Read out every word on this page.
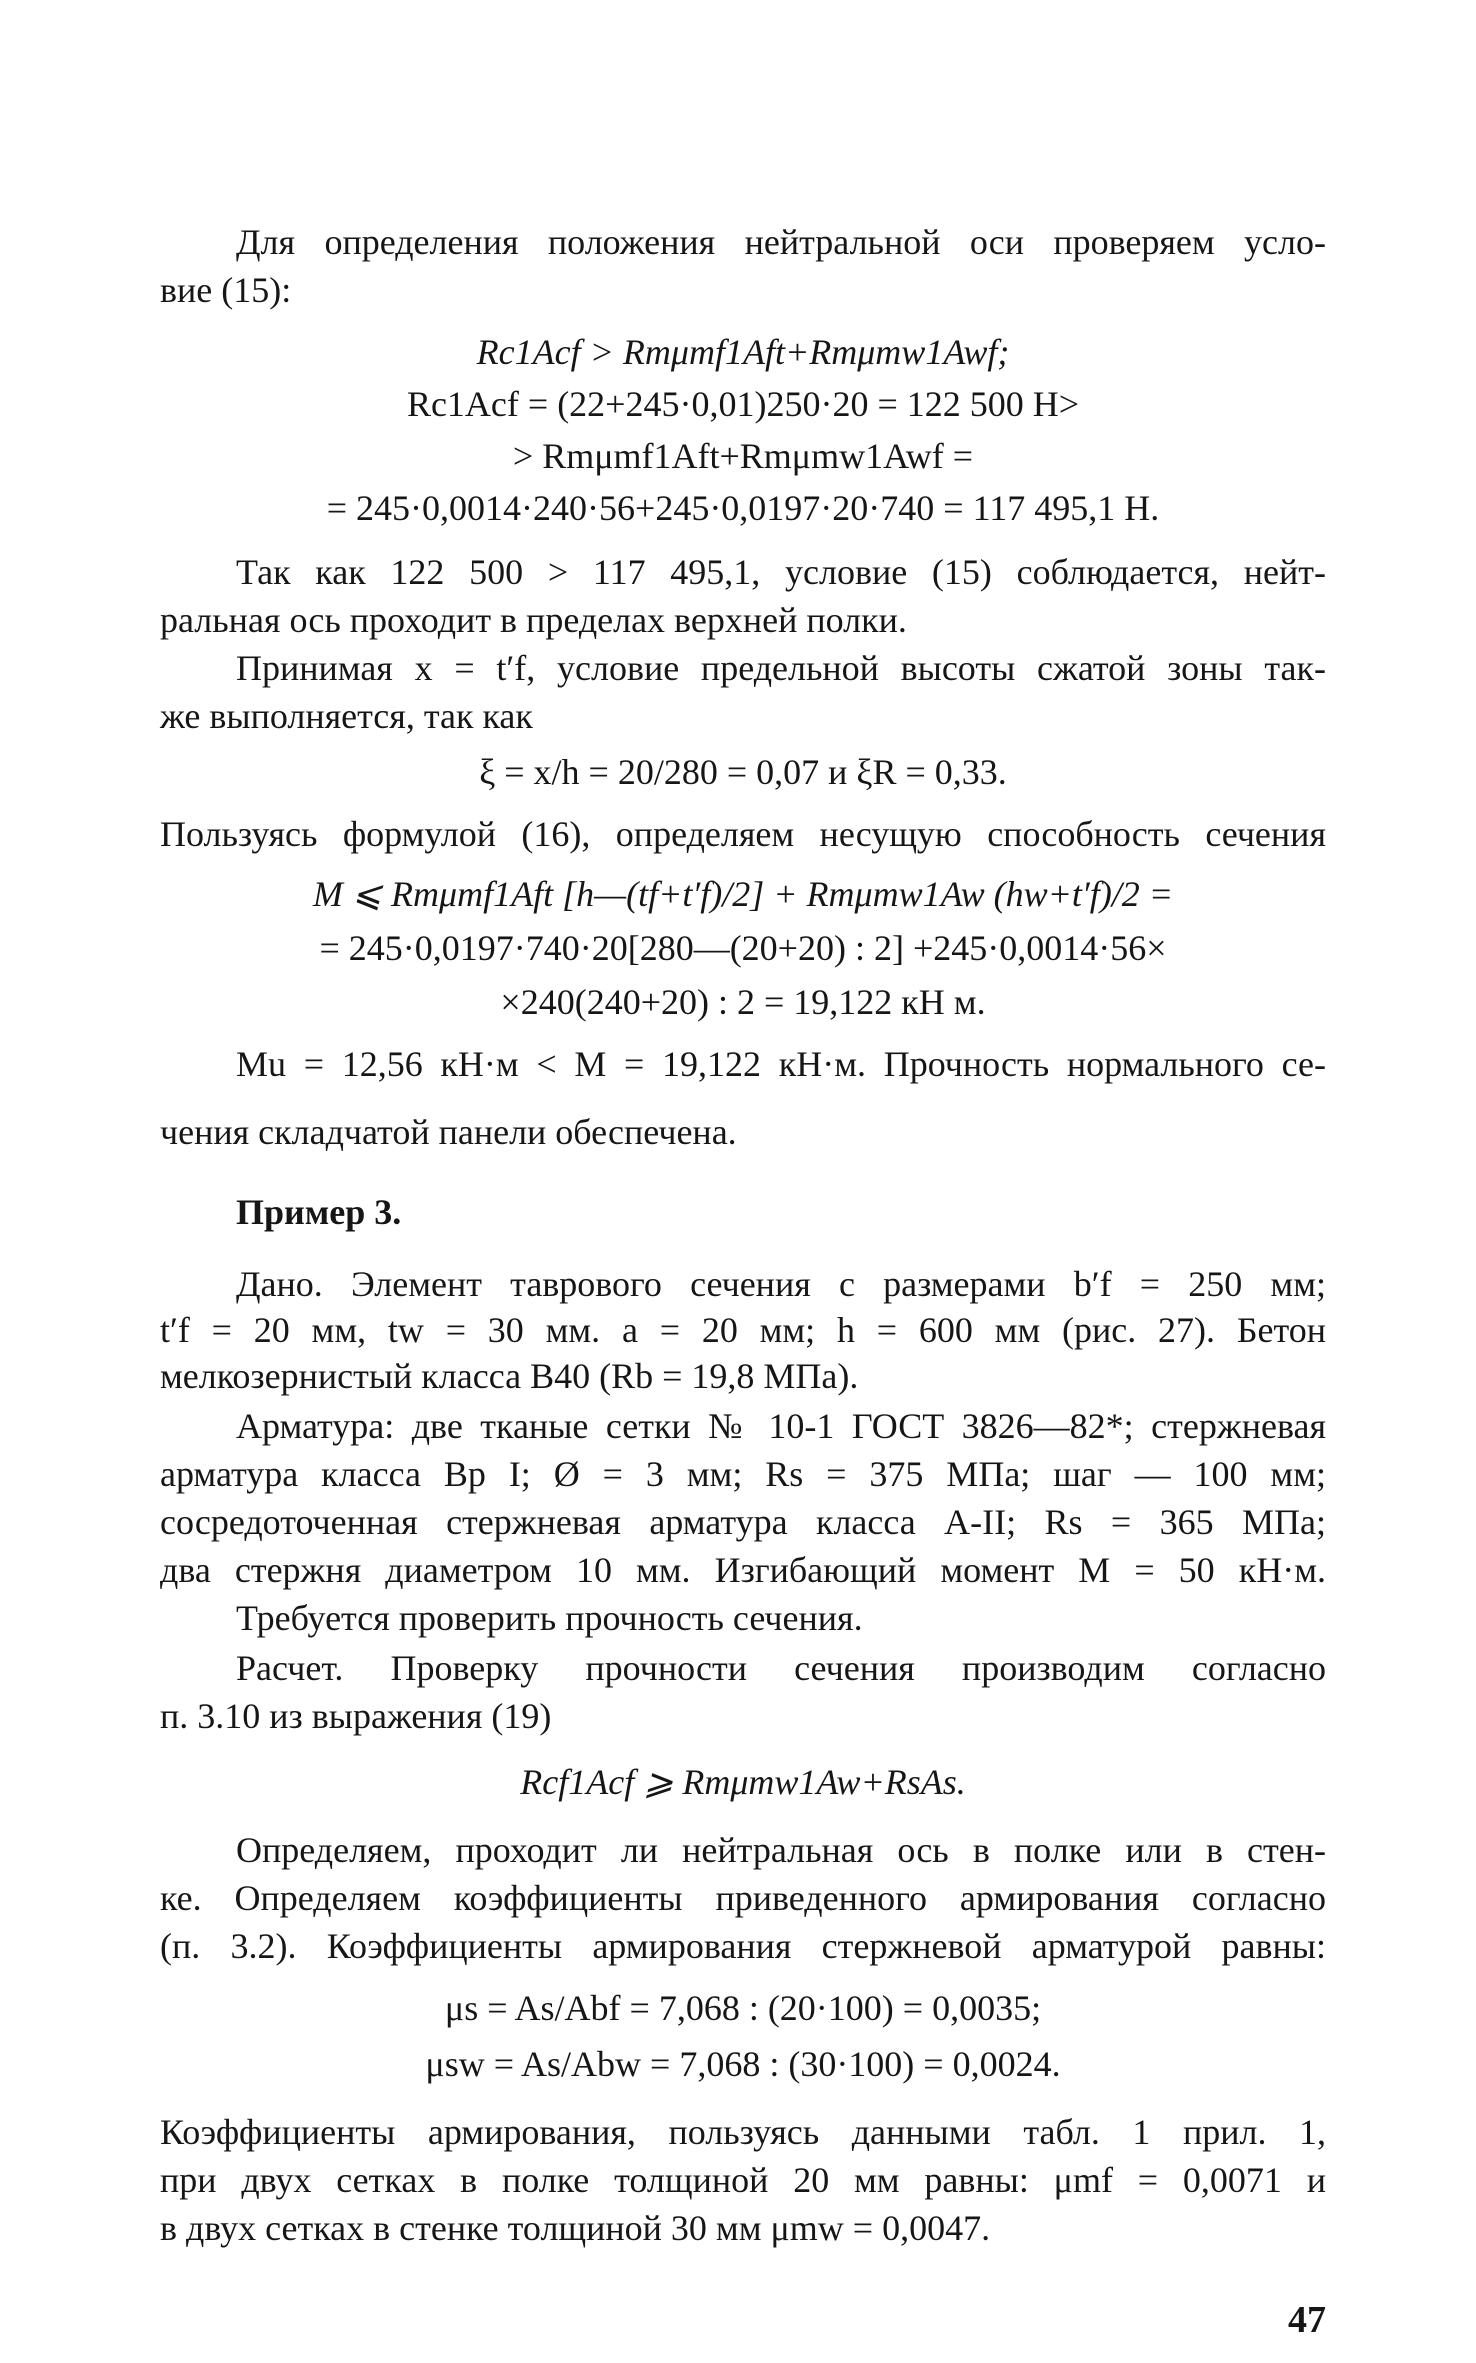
Для определения положения нейтральной оси проверяем усло-
вие (15):
Rc1Acf > Rmμmf1Aft+Rmμmw1Awf;
Rc1Acf = (22+245·0,01)250·20 = 122 500 H>
> Rmμmf1Aft+Rmμmw1Awf =
= 245·0,0014·240·56+245·0,0197·20·740 = 117 495,1 H.
Так как 122 500 > 117 495,1, условие (15) соблюдается, нейт-
ральная ось проходит в пределах верхней полки.
Принимая x = t′f, условие предельной высоты сжатой зоны так-
же выполняется, так как
ξ = x/h = 20/280 = 0,07 и ξR = 0,33.
Пользуясь формулой (16), определяем несущую способность сечения
M ⩽ Rmμmf1Aft [h—(tf+t′f)/2] + Rmμmw1Aw (hw+t′f)/2 =
= 245·0,0197·740·20[280—(20+20) : 2] +245·0,0014·56×
×240(240+20) : 2 = 19,122 кН м.
Mu = 12,56 кН·м < M = 19,122 кН·м. Прочность нормального се-
чения складчатой панели обеспечена.
Пример 3.
Дано. Элемент таврового сечения с размерами b′f = 250 мм;
t′f = 20 мм, tw = 30 мм. a = 20 мм; h = 600 мм (рис. 27). Бетон
мелкозернистый класса В40 (Rb = 19,8 МПа).
Арматура: две тканые сетки № 10-1 ГОСТ 3826—82*; стержневая
арматура класса Вр I; Ø = 3 мм; Rs = 375 МПа; шаг — 100 мм;
сосредоточенная стержневая арматура класса А-II; Rs = 365 МПа;
два стержня диаметром 10 мм. Изгибающий момент M = 50 кН·м.
Требуется проверить прочность сечения.
Расчет. Проверку прочности сечения производим согласно
п. 3.10 из выражения (19)
Rcf1Acf ⩾ Rmμmw1Aw+RsAs.
Определяем, проходит ли нейтральная ось в полке или в стен-
ке. Определяем коэффициенты приведенного армирования согласно
(п. 3.2). Коэффициенты армирования стержневой арматурой равны:
μs = As/Abf = 7,068 : (20·100) = 0,0035;
μsw = As/Abw = 7,068 : (30·100) = 0,0024.
Коэффициенты армирования, пользуясь данными табл. 1 прил. 1,
при двух сетках в полке толщиной 20 мм равны: μmf = 0,0071 и
в двух сетках в стенке толщиной 30 мм μmw = 0,0047.
47
